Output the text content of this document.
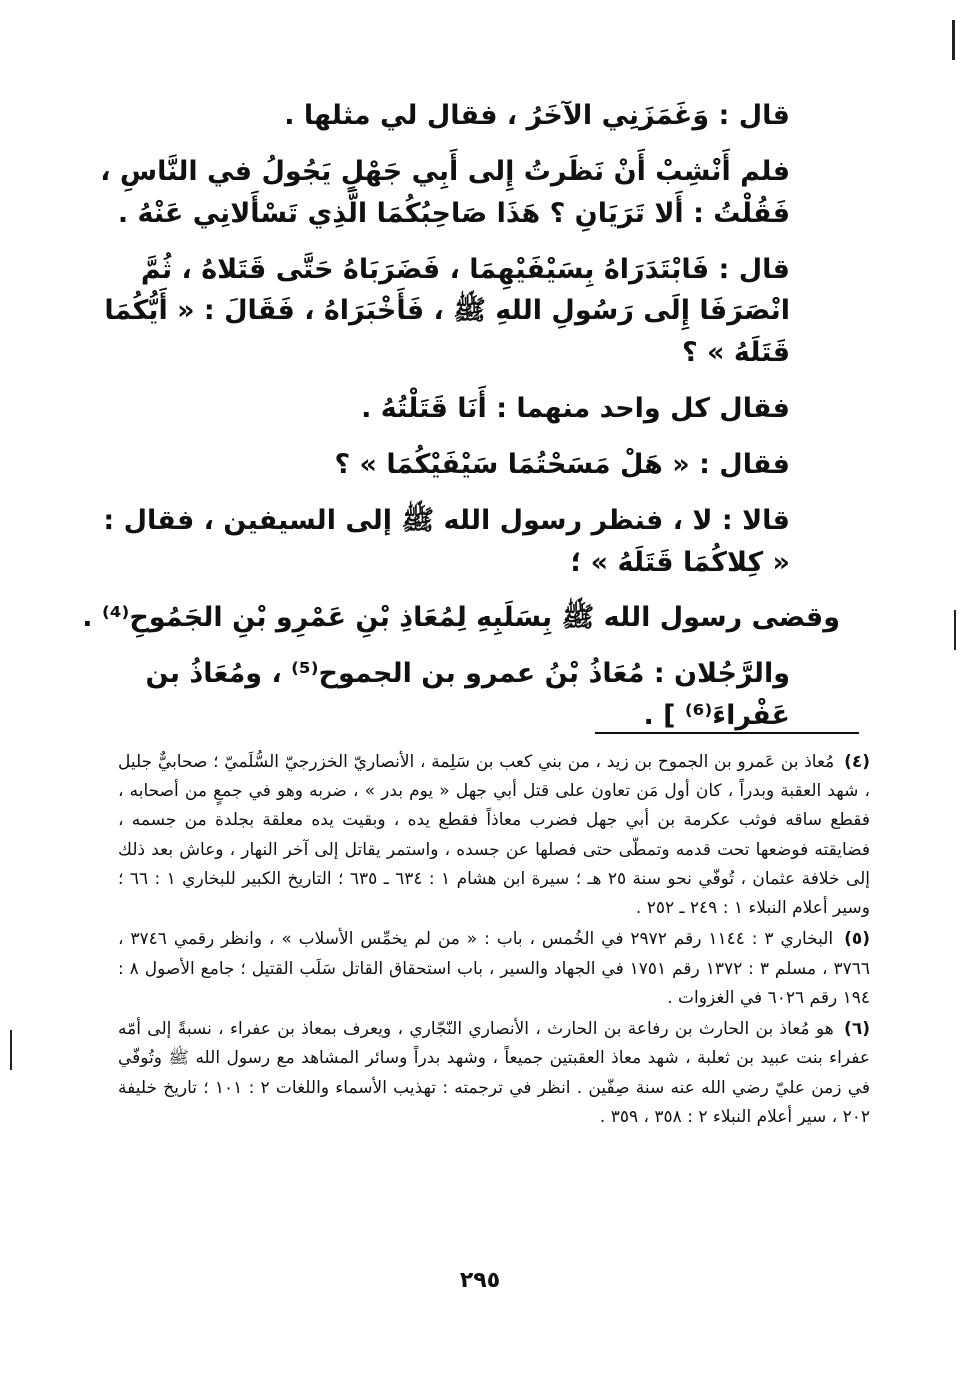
قال : وَغَمَزَنِي الآخَرُ ، فقال لي مثلها .

فلم أَنْشِبْ أَنْ نَظَرتُ إِلى أَبِي جَهْلٍ يَجُولُ في النَّاسِ ، فَقُلْتُ : أَلا تَرَيَانِ ؟ هَذَا صَاحِبُكُمَا الَّذِي تَسْأَلانِي عَنْهُ .

قال : فَابْتَدَرَاهُ بِسَيْفَيْهِمَا ، فَضَرَبَاهُ حَتَّى قَتَلاهُ ، ثُمَّ انْصَرَفَا إِلَى رَسُولِ اللهِ ﷺ ، فَأَخْبَرَاهُ ، فَقَالَ : « أَيُّكُمَا قَتَلَهُ » ؟

فقال كل واحد منهما : أَنَا قَتَلْتُهُ .

فقال : « هَلْ مَسَحْتُمَا سَيْفَيْكُمَا » ؟

قالا : لا ، فنظر رسول الله ﷺ إلى السيفين ، فقال : « كِلاكُمَا قَتَلَهُ » ؛

وقضى رسول الله ﷺ بِسَلَبِهِ لِمُعَاذِ بْنِ عَمْرِو بْنِ الجَمُوحِ⁽⁴⁾ .

والرَّجُلان : مُعَاذُ بْنُ عمرو بن الجموح⁽⁵⁾ ، ومُعَاذُ بن عَفْراءَ⁽⁶⁾ ] .

(٤) مُعاذ بن عَمرو بن الجموح بن زيد ، من بني كعب بن سَلِمة ، الأنصاريّ الخزرجيّ السُّلَميّ ؛ صحابيٌّ جليل ، شهد العقبة وبدراً ، كان أول مَن تعاون على قتل أبي جهل « يوم بدر » ، ضربه وهو في جمعٍ من أصحابه ، فقطع ساقه فوثب عكرمة بن أبي جهل فضرب معاذاً فقطع يده ، وبقيت يده معلقة بجلدة من جسمه ، فضايقته فوضعها تحت قدمه وتمطّى حتى فصلها عن جسده ، واستمر يقاتل إلى آخر النهار ، وعاش بعد ذلك إلى خلافة عثمان ، تُوفّي نحو سنة ٢٥ هـ ؛ سيرة ابن هشام ١ : ٦٣٤ ـ ٦٣٥ ؛ التاريخ الكبير للبخاري ١ : ٦٦ ؛ وسير أعلام النبلاء ١ : ٢٤٩ ـ ٢٥٢ .

(٥) البخاري ٣ : ١١٤٤ رقم ٢٩٧٢ في الخُمس ، باب : « من لم يخمِّس الأسلاب » ، وانظر رقمي ٣٧٤٦ ، ٣٧٦٦ ، مسلم ٣ : ١٣٧٢ رقم ١٧٥١ في الجهاد والسير ، باب استحقاق القاتل سَلَب القتيل ؛ جامع الأصول ٨ : ١٩٤ رقم ٦٠٢٦ في الغزوات .

(٦) هو مُعاذ بن الحارث بن رفاعة بن الحارث ، الأنصاري النّجّاري ، ويعرف بمعاذ بن عفراء ، نسبةً إلى أمّه عفراء بنت عبيد بن ثعلبة ، شهد معاذ العقبتين جميعاً ، وشهد بدراً وسائر المشاهد مع رسول الله ﷺ وتُوفّي في زمن عليّ رضي الله عنه سنة صِفّين . انظر في ترجمته : تهذيب الأسماء واللغات ٢ : ١٠١ ؛ تاريخ خليفة ٢٠٢ ، سير أعلام النبلاء ٢ : ٣٥٨ ، ٣٥٩ .

٢٩٥
